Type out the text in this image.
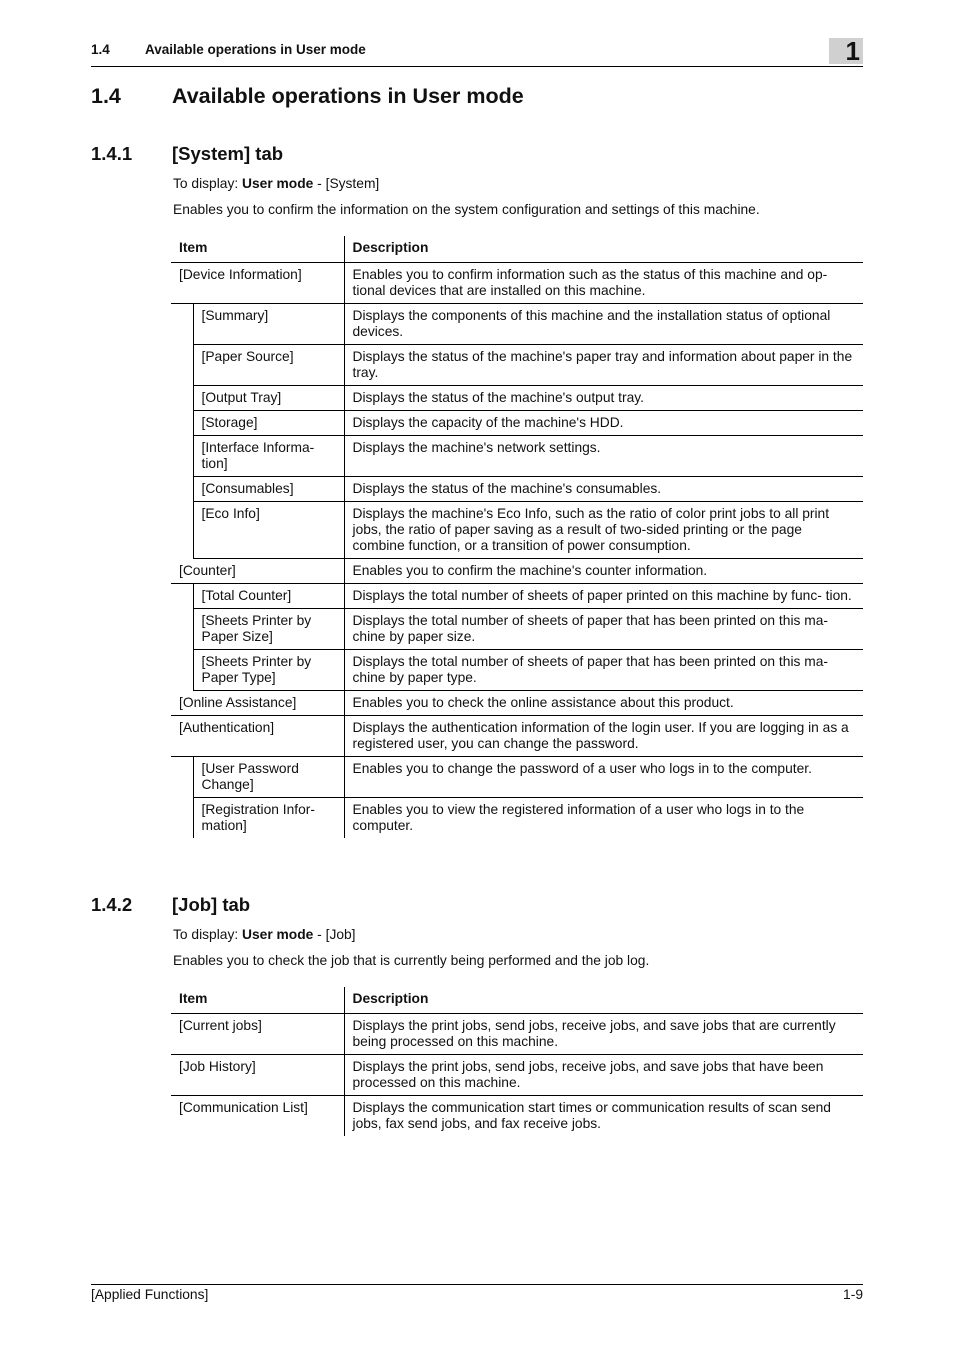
1.4	Available operations in User mode	1
1.4 Available operations in User mode
1.4.1 [System] tab
To display: User mode - [System]
Enables you to confirm the information on the system configuration and settings of this machine.
Item		Description
[Device Information]		Enables you to confirm information such as the status of this machine and op- tional devices that are installed on this machine.
	[Summary]	Displays the components of this machine and the installation status of optional devices.
	[Paper Source]	Displays the status of the machine's paper tray and information about paper in the tray.
	[Output Tray]	Displays the status of the machine's output tray.
	[Storage]	Displays the capacity of the machine's HDD.
	[Interface Informa- tion]	Displays the machine's network settings.
	[Consumables]	Displays the status of the machine's consumables.
	[Eco Info]	Displays the machine's Eco Info, such as the ratio of color print jobs to all print jobs, the ratio of paper saving as a result of two-sided printing or the page combine function, or a transition of power consumption.
[Counter]		Enables you to confirm the machine's counter information.
	[Total Counter]	Displays the total number of sheets of paper printed on this machine by func- tion.
	[Sheets Printer by Paper Size]	Displays the total number of sheets of paper that has been printed on this ma- chine by paper size.
	[Sheets Printer by Paper Type]	Displays the total number of sheets of paper that has been printed on this ma- chine by paper type.
[Online Assistance]		Enables you to check the online assistance about this product.
[Authentication]		Displays the authentication information of the login user. If you are logging in as a registered user, you can change the password.
	[User Password Change]	Enables you to change the password of a user who logs in to the computer.
	[Registration Infor- mation]	Enables you to view the registered information of a user who logs in to the computer.
1.4.2 [Job] tab
To display: User mode - [Job]
Enables you to check the job that is currently being performed and the job log.
Item	Description
[Current jobs]	Displays the print jobs, send jobs, receive jobs, and save jobs that are currently being processed on this machine.
[Job History]	Displays the print jobs, send jobs, receive jobs, and save jobs that have been processed on this machine.
[Communication List]	Displays the communication start times or communication results of scan send jobs, fax send jobs, and fax receive jobs.
[Applied Functions]	1-9
